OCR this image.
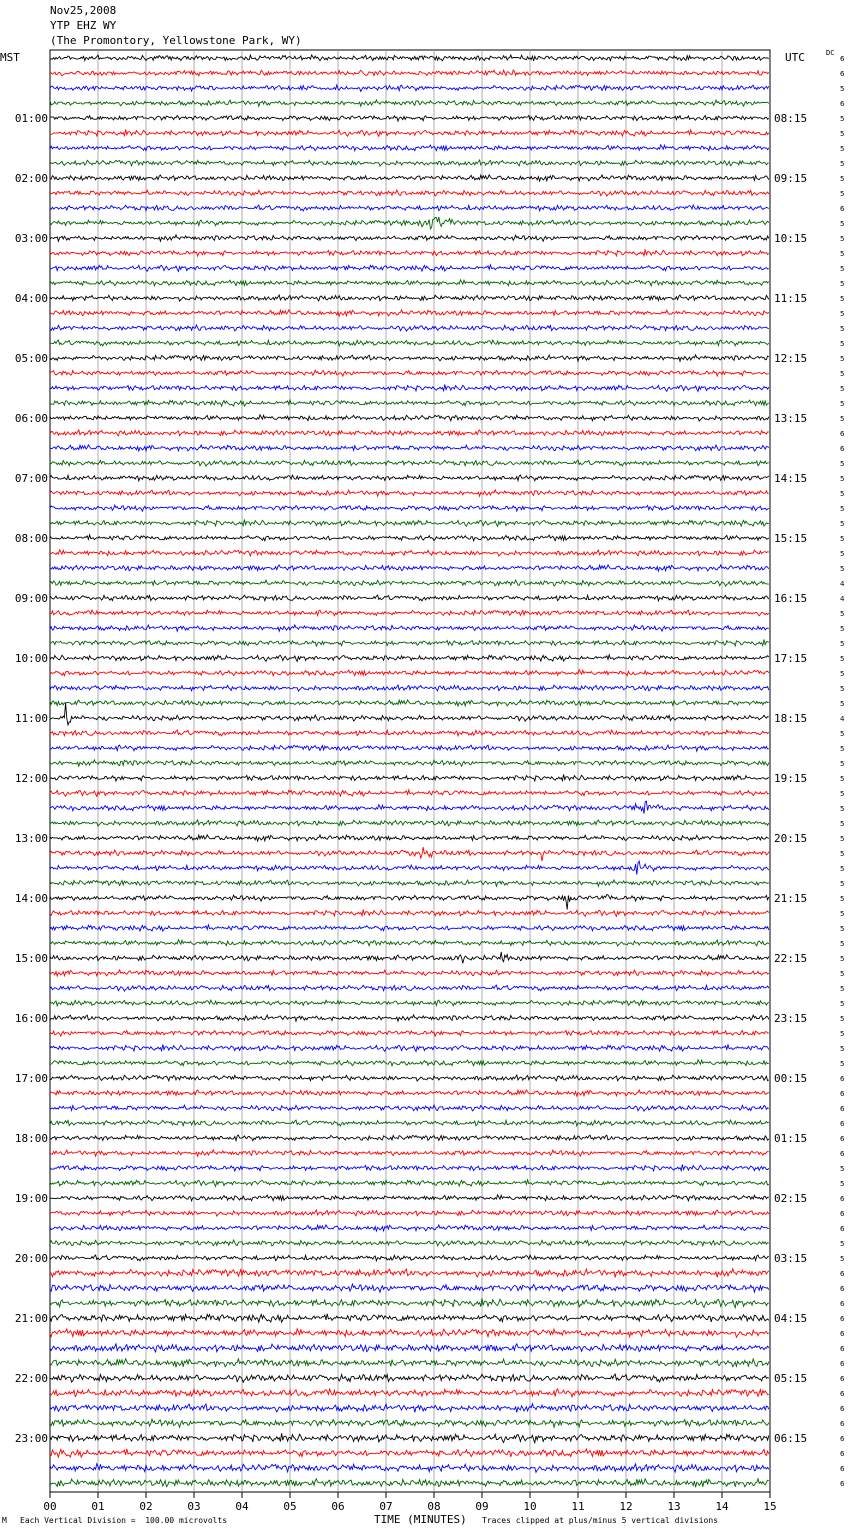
Nov25,2008
YTP EHZ WY
(The Promontory, Yellowstone Park, WY)
MST	UTC	DC
00	01	02	03	04	05	06	07	08	09	10	11	12	13	14	15
6
6
5
6
5
5
5
5
5
5
6
5
5
5
5
5
5
5
5
5
5
5
5
5
5
6
6
5
5
5
5
5
5
5
5
4
4
5
5
5
5
5
5
5
4
5
5
5
5
5
5
5
5
5
5
5
5
5
5
5
5
5
5
5
5
5
5
5
6
6
6
6
6
6
5
5
6
6
6
5
5
6
6
6
6
6
6
6
6
6
6
6
6
6
6
6
01:00
02:00
03:00
04:00
05:00
06:00
07:00
08:00
09:00
10:00
11:00
12:00
13:00
14:00
15:00
16:00
17:00
18:00
19:00
20:00
21:00
22:00
23:00
08:15
09:15
10:15
11:15
12:15
13:15
14:15
15:15
16:15
17:15
18:15
19:15
20:15
21:15
22:15
23:15
00:15
01:15
02:15
03:15
04:15
05:15
06:15
M Each Vertical Division =  100.00 microvolts	TIME (MINUTES) Traces clipped at plus/minus 5 vertical divisions
